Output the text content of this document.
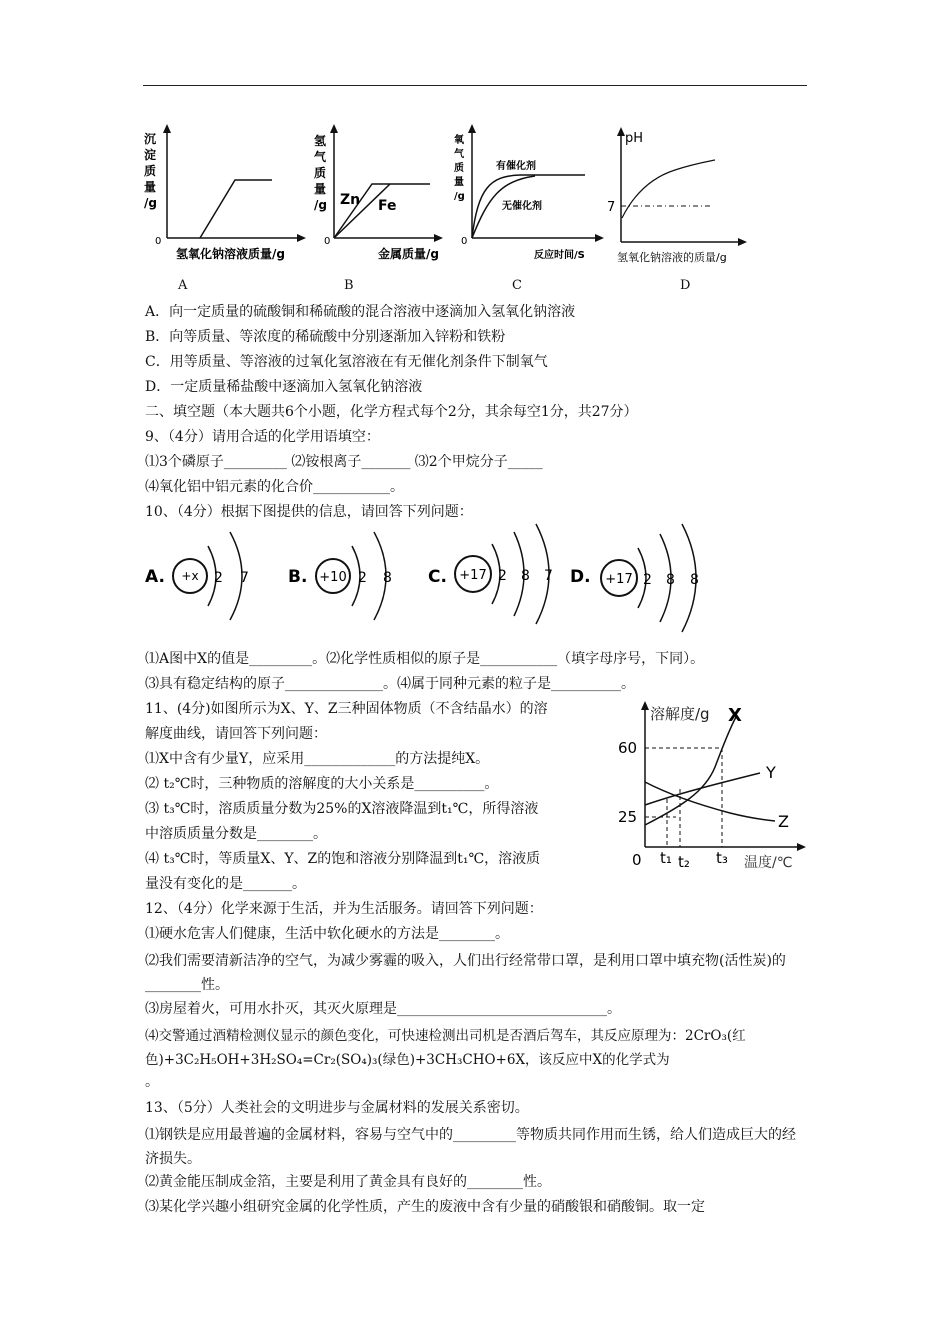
沉
淀
质
量
/g
0
氢氧化钠溶液质量/g
氢
气
质
量
/g Zn Fe
0
金属质量/g
氧
气
质
量
/g
有催化剂
无催化剂
0
反应时间/S
pH
7
氢氧化钠溶液的质量/g
A	B	C	D
A．向一定质量的硫酸铜和稀硫酸的混合溶液中逐滴加入氢氧化钠溶液
B．向等质量、等浓度的稀硫酸中分别逐渐加入锌粉和铁粉
C．用等质量、等溶液的过氧化氢溶液在有无催化剂条件下制氧气
D．一定质量稀盐酸中逐滴加入氢氧化钠溶液
二、填空题（本大题共6个小题，化学方程式每个2分，其余每空1分，共27分）
9、（4分）请用合适的化学用语填空：
⑴3个磷原子_________ ⑵铵根离子_______ ⑶2个甲烷分子_____
⑷氧化铝中铝元素的化合价___________。
10、（4分）根据下图提供的信息，请回答下列问题：
A. +x 2 7 B. +10 2 8 C. +17 2 8 7 D. +17 2 8 8
⑴A图中X的值是_________。⑵化学性质相似的原子是___________（填字母序号，下同）。
⑶具有稳定结构的原子______________。⑷属于同种元素的粒子是__________。
11、(4分)如图所示为X、Y、Z三种固体物质（不含结晶水）的溶
解度曲线，请回答下列问题：
⑴X中含有少量Y，应采用_____________的方法提纯X。
⑵ t₂℃时，三种物质的溶解度的大小关系是__________。
⑶ t₃℃时，溶质质量分数为25%的X溶液降温到t₁℃，所得溶液
中溶质质量分数是________。
⑷ t₃℃时，等质量X、Y、Z的饱和溶液分别降温到t₁℃，溶液质
量没有变化的是_______。
溶解度/g X
Y
Z
60
25
0 t₁ t₂ t₃ 温度/℃
12、（4分）化学来源于生活，并为生活服务。请回答下列问题：
⑴硬水危害人们健康，生活中软化硬水的方法是________。
⑵我们需要清新洁净的空气，为减少雾霾的吸入，人们出行经常带口罩，是利用口罩中填充物(活性炭)的________性。
⑶房屋着火，可用水扑灭，其灭火原理是______________________________。
⑷交警通过酒精检测仪显示的颜色变化，可快速检测出司机是否酒后驾车，其反应原理为：2CrO₃(红色)+3C₂H₅OH+3H₂SO₄=Cr₂(SO₄)₃(绿色)+3CH₃CHO+6X，该反应中X的化学式为
。
13、（5分）人类社会的文明进步与金属材料的发展关系密切。
⑴钢铁是应用最普遍的金属材料，容易与空气中的_________等物质共同作用而生锈，给人们造成巨大的经济损失。
⑵黄金能压制成金箔，主要是利用了黄金具有良好的________性。
⑶某化学兴趣小组研究金属的化学性质，产生的废液中含有少量的硝酸银和硝酸铜。取一定
